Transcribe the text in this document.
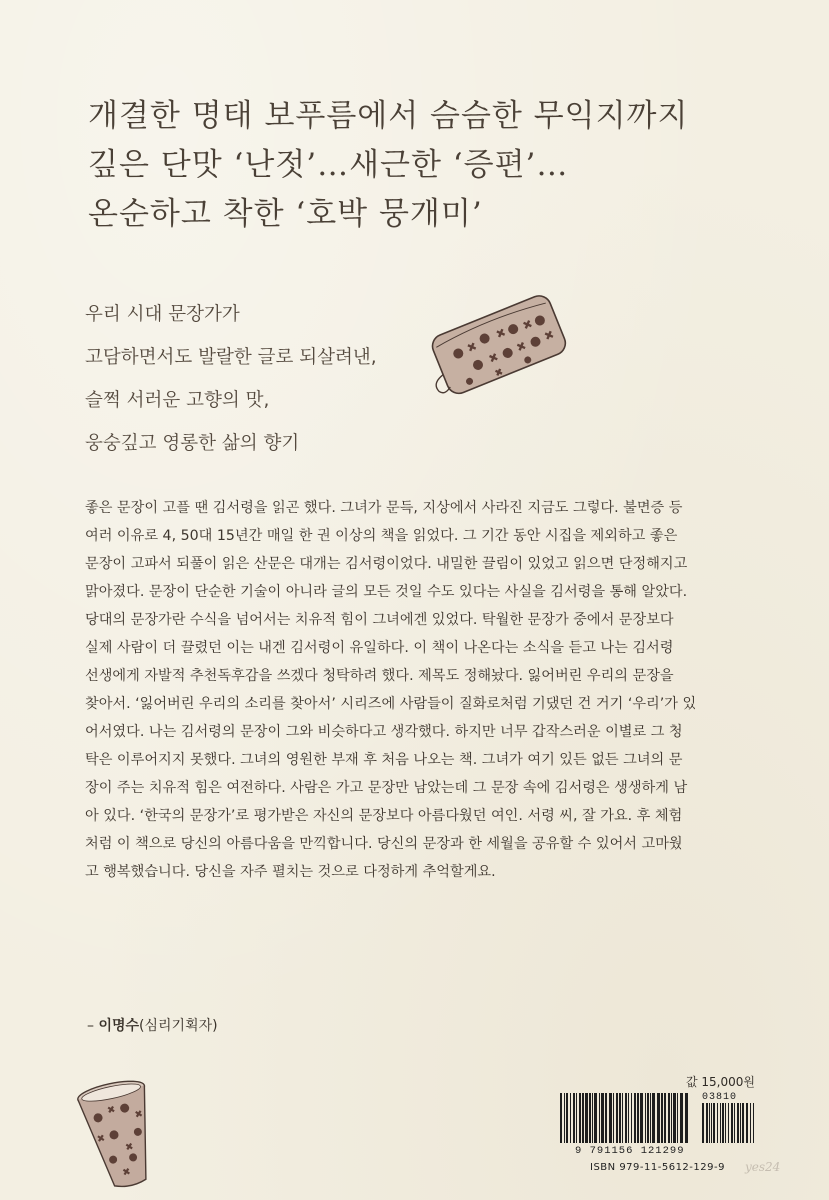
개결한 명태 보푸름에서 슴슴한 무익지까지
깊은 단맛 ‘난젓’…새근한 ‘증편’…
온순하고 착한 ‘호박 뭉개미’
우리 시대 문장가가
고담하면서도 발랄한 글로 되살려낸,
슬쩍 서러운 고향의 맛,
웅숭깊고 영롱한 삶의 향기
좋은 문장이 고플 땐 김서령을 읽곤 했다. 그녀가 문득, 지상에서 사라진 지금도 그렇다. 불면증 등
여러 이유로 4, 50대 15년간 매일 한 권 이상의 책을 읽었다. 그 기간 동안 시집을 제외하고 좋은
문장이 고파서 되풀이 읽은 산문은 대개는 김서령이었다. 내밀한 끌림이 있었고 읽으면 단정해지고
맑아졌다. 문장이 단순한 기술이 아니라 글의 모든 것일 수도 있다는 사실을 김서령을 통해 알았다.
당대의 문장가란 수식을 넘어서는 치유적 힘이 그녀에겐 있었다. 탁월한 문장가 중에서 문장보다
실제 사람이 더 끌렸던 이는 내겐 김서령이 유일하다. 이 책이 나온다는 소식을 듣고 나는 김서령
선생에게 자발적 추천독후감을 쓰겠다 청탁하려 했다. 제목도 정해놨다. 잃어버린 우리의 문장을
찾아서. ‘잃어버린 우리의 소리를 찾아서’ 시리즈에 사람들이 질화로처럼 기댔던 건 거기 ‘우리’가 있
어서였다. 나는 김서령의 문장이 그와 비슷하다고 생각했다. 하지만 너무 갑작스러운 이별로 그 청
탁은 이루어지지 못했다. 그녀의 영원한 부재 후 처음 나오는 책. 그녀가 여기 있든 없든 그녀의 문
장이 주는 치유적 힘은 여전하다. 사람은 가고 문장만 남았는데 그 문장 속에 김서령은 생생하게 남
아 있다. ‘한국의 문장가’로 평가받은 자신의 문장보다 아름다웠던 여인. 서령 씨, 잘 가요. 후 체험
처럼 이 책으로 당신의 아름다움을 만끽합니다. 당신의 문장과 한 세월을 공유할 수 있어서 고마웠
고 행복했습니다. 당신을 자주 펼치는 것으로 다정하게 추억할게요.
– 이명수(심리기획자)
값 15,000원
03810
9 791156 121299
ISBN 979-11-5612-129-9 yes24
